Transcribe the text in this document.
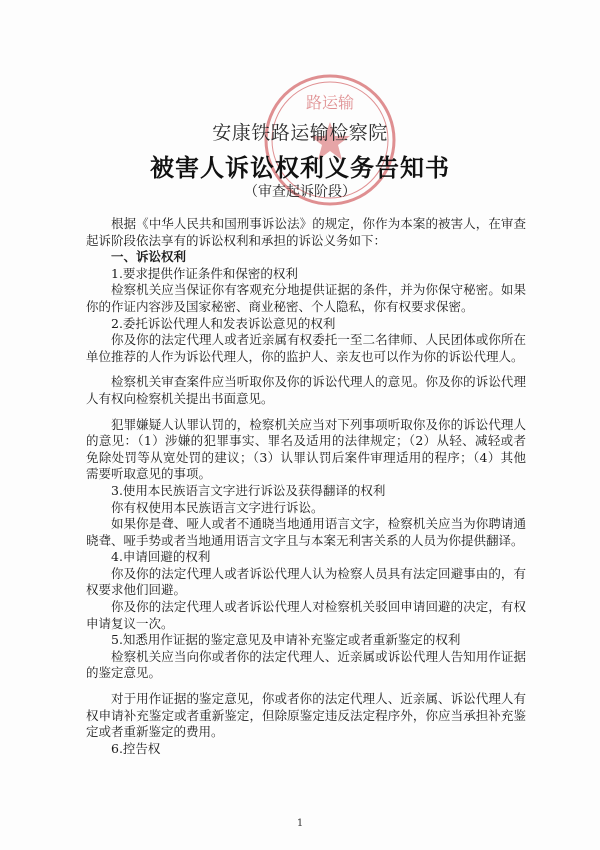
路运输
安康铁路运输检察院
被害人诉讼权利义务告知书
（审查起诉阶段）

根据《中华人民共和国刑事诉讼法》的规定，你作为本案的被害人，在审查起诉阶段依法享有的诉讼权利和承担的诉讼义务如下：

一、诉讼权利

1.要求提供作证条件和保密的权利

检察机关应当保证你有客观充分地提供证据的条件，并为你保守秘密。如果你的作证内容涉及国家秘密、商业秘密、个人隐私，你有权要求保密。

2.委托诉讼代理人和发表诉讼意见的权利

你及你的法定代理人或者近亲属有权委托一至二名律师、人民团体或你所在单位推荐的人作为诉讼代理人，你的监护人、亲友也可以作为你的诉讼代理人。

检察机关审查案件应当听取你及你的诉讼代理人的意见。你及你的诉讼代理人有权向检察机关提出书面意见。

犯罪嫌疑人认罪认罚的，检察机关应当对下列事项听取你及你的诉讼代理人的意见：（1）涉嫌的犯罪事实、罪名及适用的法律规定；（2）从轻、减轻或者免除处罚等从宽处罚的建议；（3）认罪认罚后案件审理适用的程序；（4）其他需要听取意见的事项。

3.使用本民族语言文字进行诉讼及获得翻译的权利

你有权使用本民族语言文字进行诉讼。

如果你是聋、哑人或者不通晓当地通用语言文字，检察机关应当为你聘请通晓聋、哑手势或者当地通用语言文字且与本案无利害关系的人员为你提供翻译。

4.申请回避的权利

你及你的法定代理人或者诉讼代理人认为检察人员具有法定回避事由的，有权要求他们回避。

你及你的法定代理人或者诉讼代理人对检察机关驳回申请回避的决定，有权申请复议一次。

5.知悉用作证据的鉴定意见及申请补充鉴定或者重新鉴定的权利

检察机关应当向你或者你的法定代理人、近亲属或诉讼代理人告知用作证据的鉴定意见。

对于用作证据的鉴定意见，你或者你的法定代理人、近亲属、诉讼代理人有权申请补充鉴定或者重新鉴定，但除原鉴定违反法定程序外，你应当承担补充鉴定或者重新鉴定的费用。

6.控告权

1
